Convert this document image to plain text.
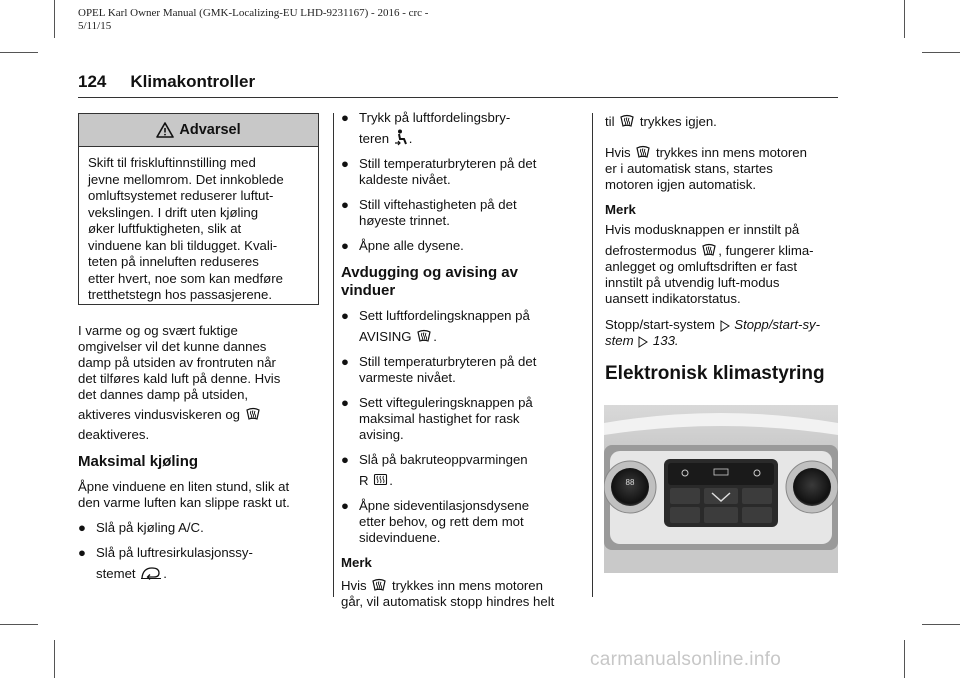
OPEL Karl Owner Manual (GMK-Localizing-EU LHD-9231167) - 2016 - crc -
5/11/15
124 Klimakontroller
Advarsel
Skift til friskluftinnstilling med
jevne mellomrom. Det innkoblede
omluftsystemet reduserer luftut-
vekslingen. I drift uten kjøling
øker luftfuktigheten, slik at
vinduene kan bli tildugget. Kvali-
teten på inneluften reduseres
etter hvert, noe som kan medføre
tretthetstegn hos passasjerene.

I varme og og svært fuktige
omgivelser vil det kunne dannes
damp på utsiden av frontruten når
det tilføres kald luft på denne. Hvis
det dannes damp på utsiden,
aktiveres vindusviskeren og
deaktiveres.

Maksimal kjøling

Åpne vinduene en liten stund, slik at
den varme luften kan slippe raskt ut.

● Slå på kjøling A/C.
● Slå på luftresirkulasjonssy-
stemet .
● Trykk på luftfordelingsbry-
teren .
● Still temperaturbryteren på det
kaldeste nivået.
● Still viftehastigheten på det
høyeste trinnet.
● Åpne alle dysene.
Avdugging og avising av
vinduer
● Sett luftfordelingsknappen på
AVISING .
● Still temperaturbryteren på det
varmeste nivået.
● Sett vifteguleringsknappen på
maksimal hastighet for rask
avising.
● Slå på bakruteoppvarmingen
R .
● Åpne sideventilasjonsdysene
etter behov, og rett dem mot
sidevinduene.

Merk

Hvis trykkes inn mens motoren
går, vil automatisk stopp hindres helt

til trykkes igjen.

Hvis trykkes inn mens motoren
er i automatisk stans, startes
motoren igjen automatisk.

Merk

Hvis modusknappen er innstilt på
defrostermodus , fungerer klima-
anlegget og omluftsdriften er fast
innstilt på utvendig luft-modus
uansett indikatorstatus.

Stopp/start-system Stopp/start-sy-
stem 133.

Elektronisk klimastyring
88
carmanualsonline.info
